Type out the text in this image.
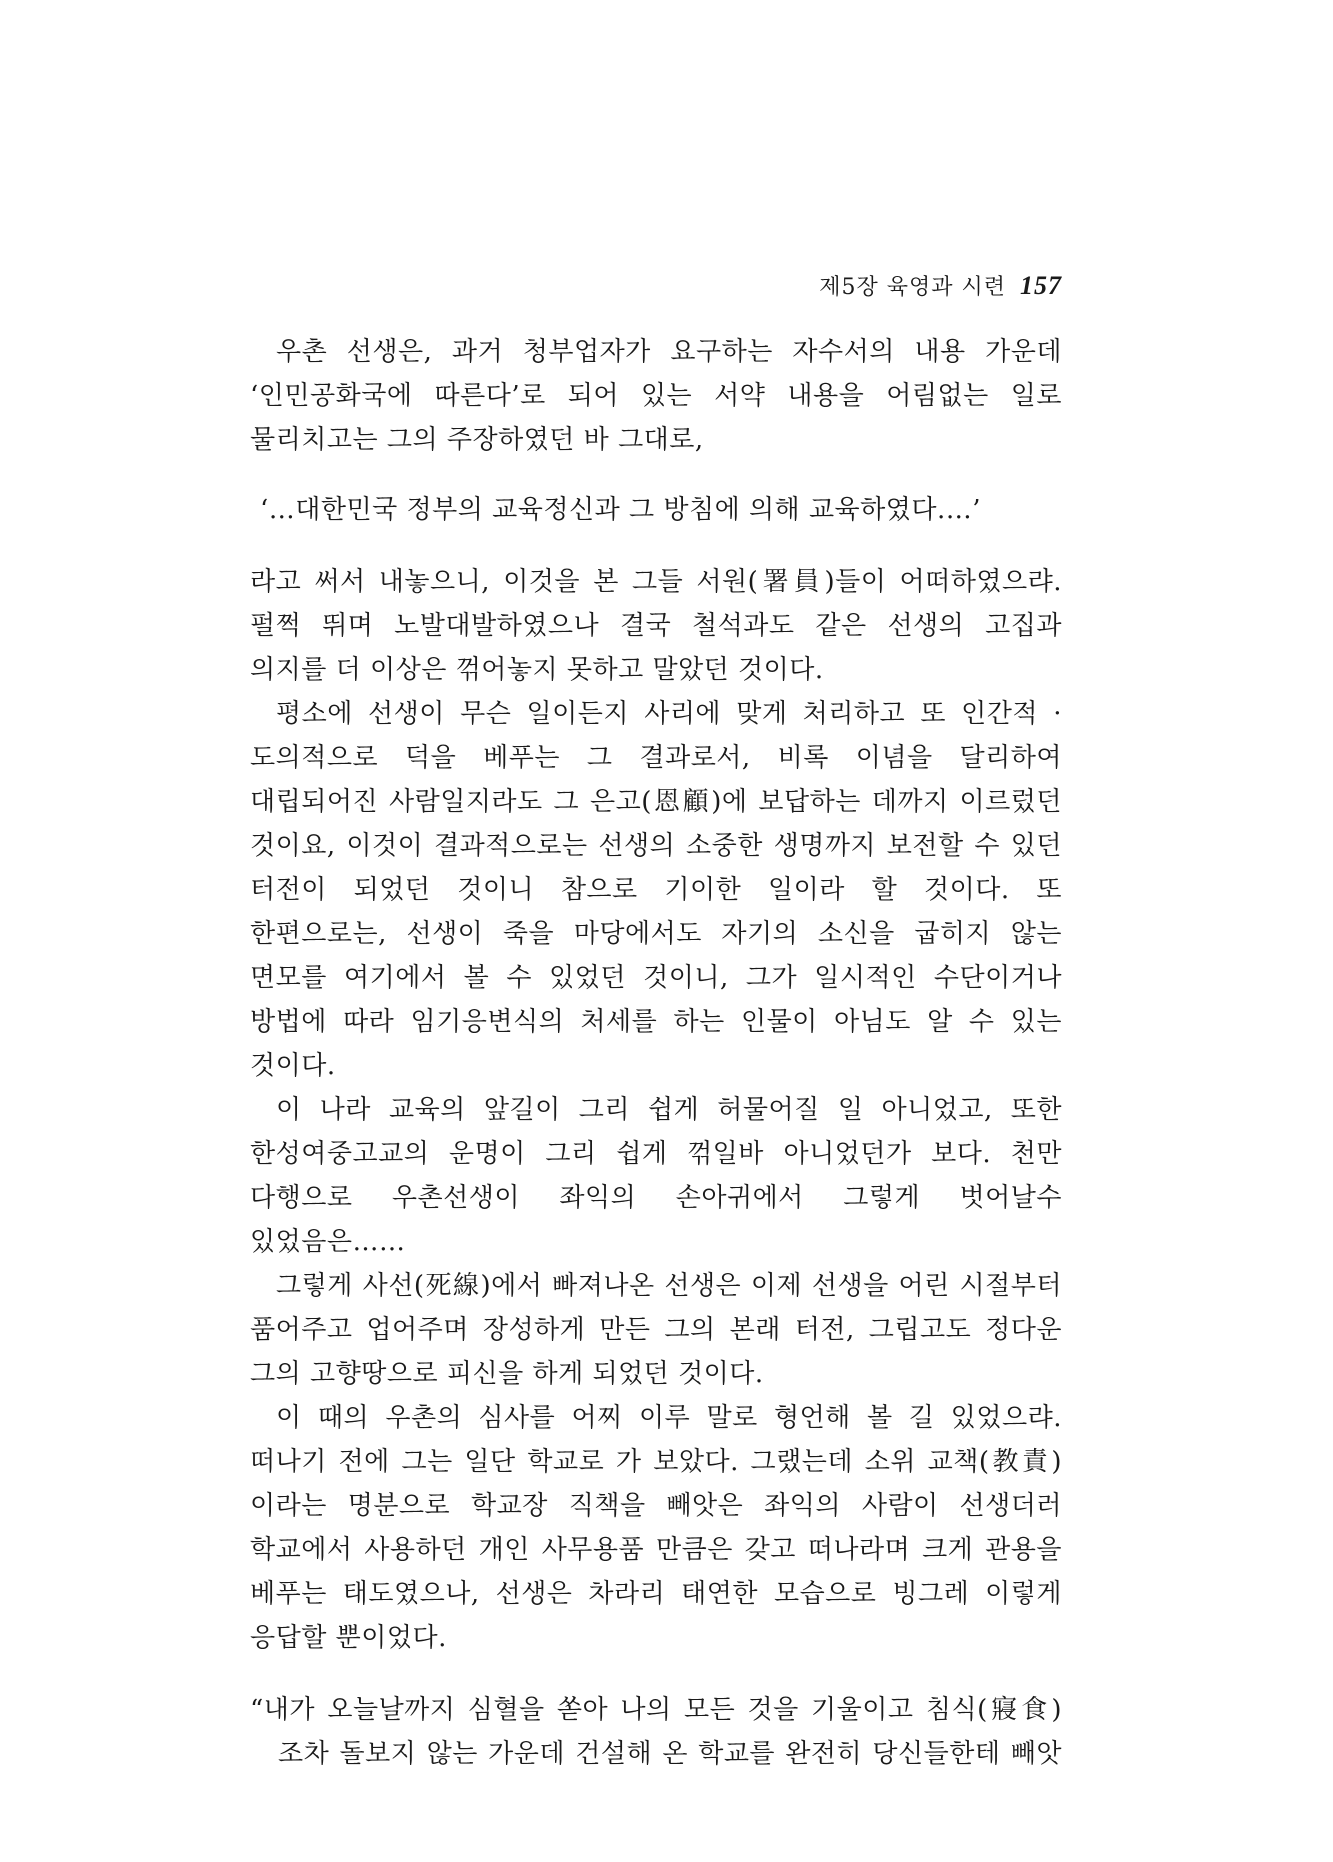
제5장 육영과 시련 157

우촌 선생은, 과거 청부업자가 요구하는 자수서의 내용 가운데 ‘인민공화국에 따른다’로 되어 있는 서약 내용을 어림없는 일로 물리치고는 그의 주장하였던 바 그대로,

‘…대한민국 정부의 교육정신과 그 방침에 의해 교육하였다.…’

라고 써서 내놓으니, 이것을 본 그들 서원(署員)들이 어떠하였으랴. 펄쩍 뛰며 노발대발하였으나 결국 철석과도 같은 선생의 고집과 의지를 더 이상은 꺾어놓지 못하고 말았던 것이다.

평소에 선생이 무슨 일이든지 사리에 맞게 처리하고 또 인간적 · 도의적으로 덕을 베푸는 그 결과로서, 비록 이념을 달리하여 대립되어진 사람일지라도 그 은고(恩顧)에 보답하는 데까지 이르렀던 것이요, 이것이 결과적으로는 선생의 소중한 생명까지 보전할 수 있던 터전이 되었던 것이니 참으로 기이한 일이라 할 것이다. 또 한편으로는, 선생이 죽을 마당에서도 자기의 소신을 굽히지 않는 면모를 여기에서 볼 수 있었던 것이니, 그가 일시적인 수단이거나 방법에 따라 임기응변식의 처세를 하는 인물이 아님도 알 수 있는 것이다.

이 나라 교육의 앞길이 그리 쉽게 허물어질 일 아니었고, 또한 한성여중고교의 운명이 그리 쉽게 꺾일바 아니었던가 보다. 천만 다행으로 우촌선생이 좌익의 손아귀에서 그렇게 벗어날수 있었음은……

그렇게 사선(死線)에서 빠져나온 선생은 이제 선생을 어린 시절부터 품어주고 업어주며 장성하게 만든 그의 본래 터전, 그립고도 정다운 그의 고향땅으로 피신을 하게 되었던 것이다.

이 때의 우촌의 심사를 어찌 이루 말로 형언해 볼 길 있었으랴. 떠나기 전에 그는 일단 학교로 가 보았다. 그랬는데 소위 교책(教責)이라는 명분으로 학교장 직책을 빼앗은 좌익의 사람이 선생더러 학교에서 사용하던 개인 사무용품 만큼은 갖고 떠나라며 크게 관용을 베푸는 태도였으나, 선생은 차라리 태연한 모습으로 빙그레 이렇게 응답할 뿐이었다.

“내가 오늘날까지 심혈을 쏟아 나의 모든 것을 기울이고 침식(寢食)
조차 돌보지 않는 가운데 건설해 온 학교를 완전히 당신들한테 빼앗
